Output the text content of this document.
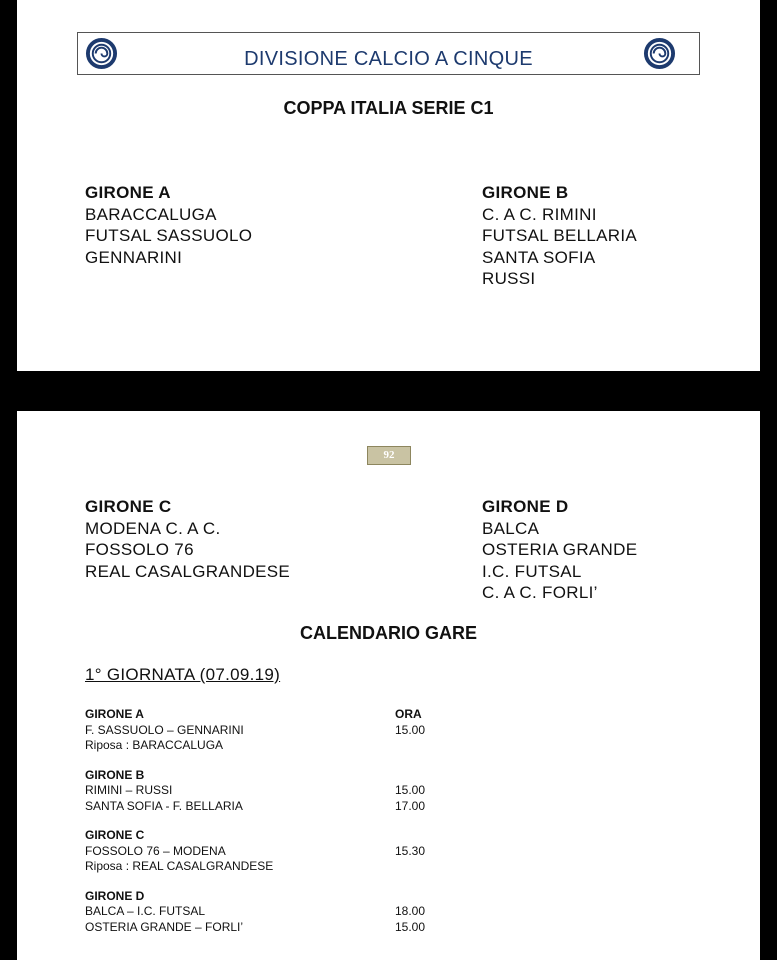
DIVISIONE CALCIO A CINQUE
COPPA ITALIA SERIE C1
GIRONE A
BARACCALUGA
FUTSAL SASSUOLO
GENNARINI
GIRONE B
C. A C. RIMINI
FUTSAL BELLARIA
SANTA SOFIA
RUSSI
92
GIRONE C
MODENA C. A C.
FOSSOLO 76
REAL CASALGRANDESE
GIRONE D
BALCA
OSTERIA GRANDE
I.C. FUTSAL
C. A C. FORLI’
CALENDARIO GARE
1° GIORNATA (07.09.19)
GIRONE A	ORA
F. SASSUOLO – GENNARINI	15.00
Riposa : BARACCALUGA
GIRONE B
RIMINI – RUSSI	15.00
SANTA SOFIA - F. BELLARIA	17.00
GIRONE C
FOSSOLO 76 – MODENA	15.30
Riposa : REAL CASALGRANDESE
GIRONE D
BALCA – I.C. FUTSAL	18.00
OSTERIA GRANDE – FORLI’	15.00
